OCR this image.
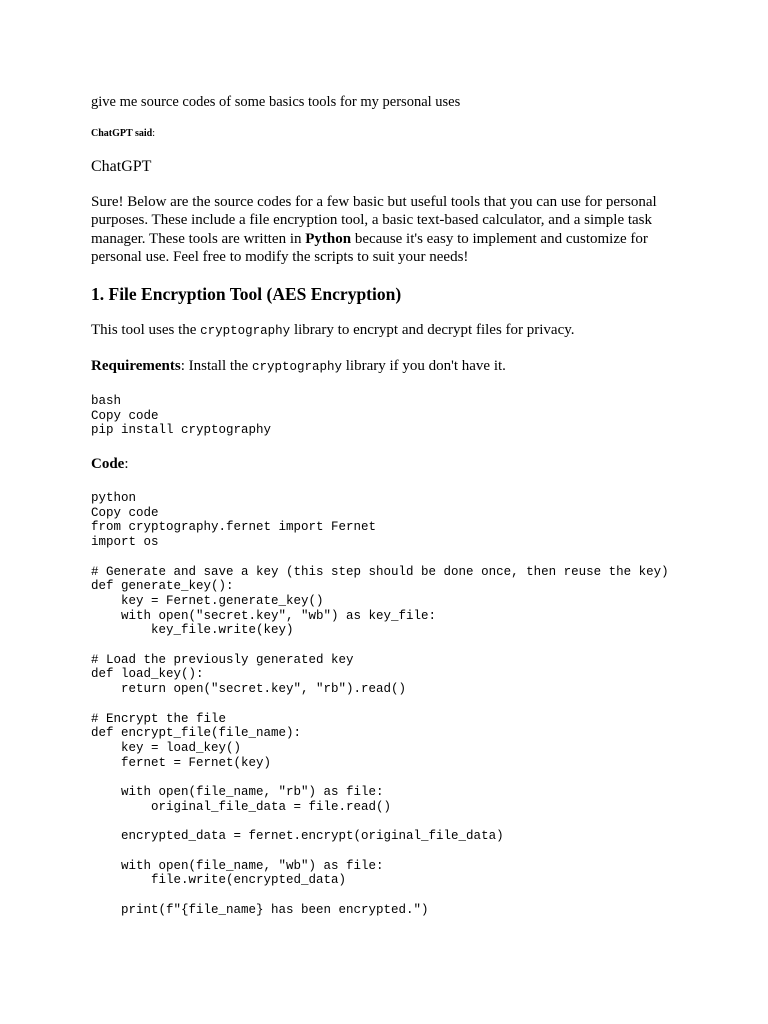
give me source codes of some basics tools for my personal uses
ChatGPT said:
ChatGPT
Sure! Below are the source codes for a few basic but useful tools that you can use for personal purposes. These include a file encryption tool, a basic text-based calculator, and a simple task manager. These tools are written in Python because it's easy to implement and customize for personal use. Feel free to modify the scripts to suit your needs!
1. File Encryption Tool (AES Encryption)
This tool uses the cryptography library to encrypt and decrypt files for privacy.
Requirements: Install the cryptography library if you don't have it.
bash
Copy code
pip install cryptography
Code:
python
Copy code
from cryptography.fernet import Fernet
import os

# Generate and save a key (this step should be done once, then reuse the key)
def generate_key():
key = Fernet.generate_key()
with open("secret.key", "wb") as key_file:
key_file.write(key)

# Load the previously generated key
def load_key():
return open("secret.key", "rb").read()

# Encrypt the file
def encrypt_file(file_name):
key = load_key()
fernet = Fernet(key)

with open(file_name, "rb") as file:
original_file_data = file.read()

encrypted_data = fernet.encrypt(original_file_data)

with open(file_name, "wb") as file:
file.write(encrypted_data)

print(f"{file_name} has been encrypted.")
